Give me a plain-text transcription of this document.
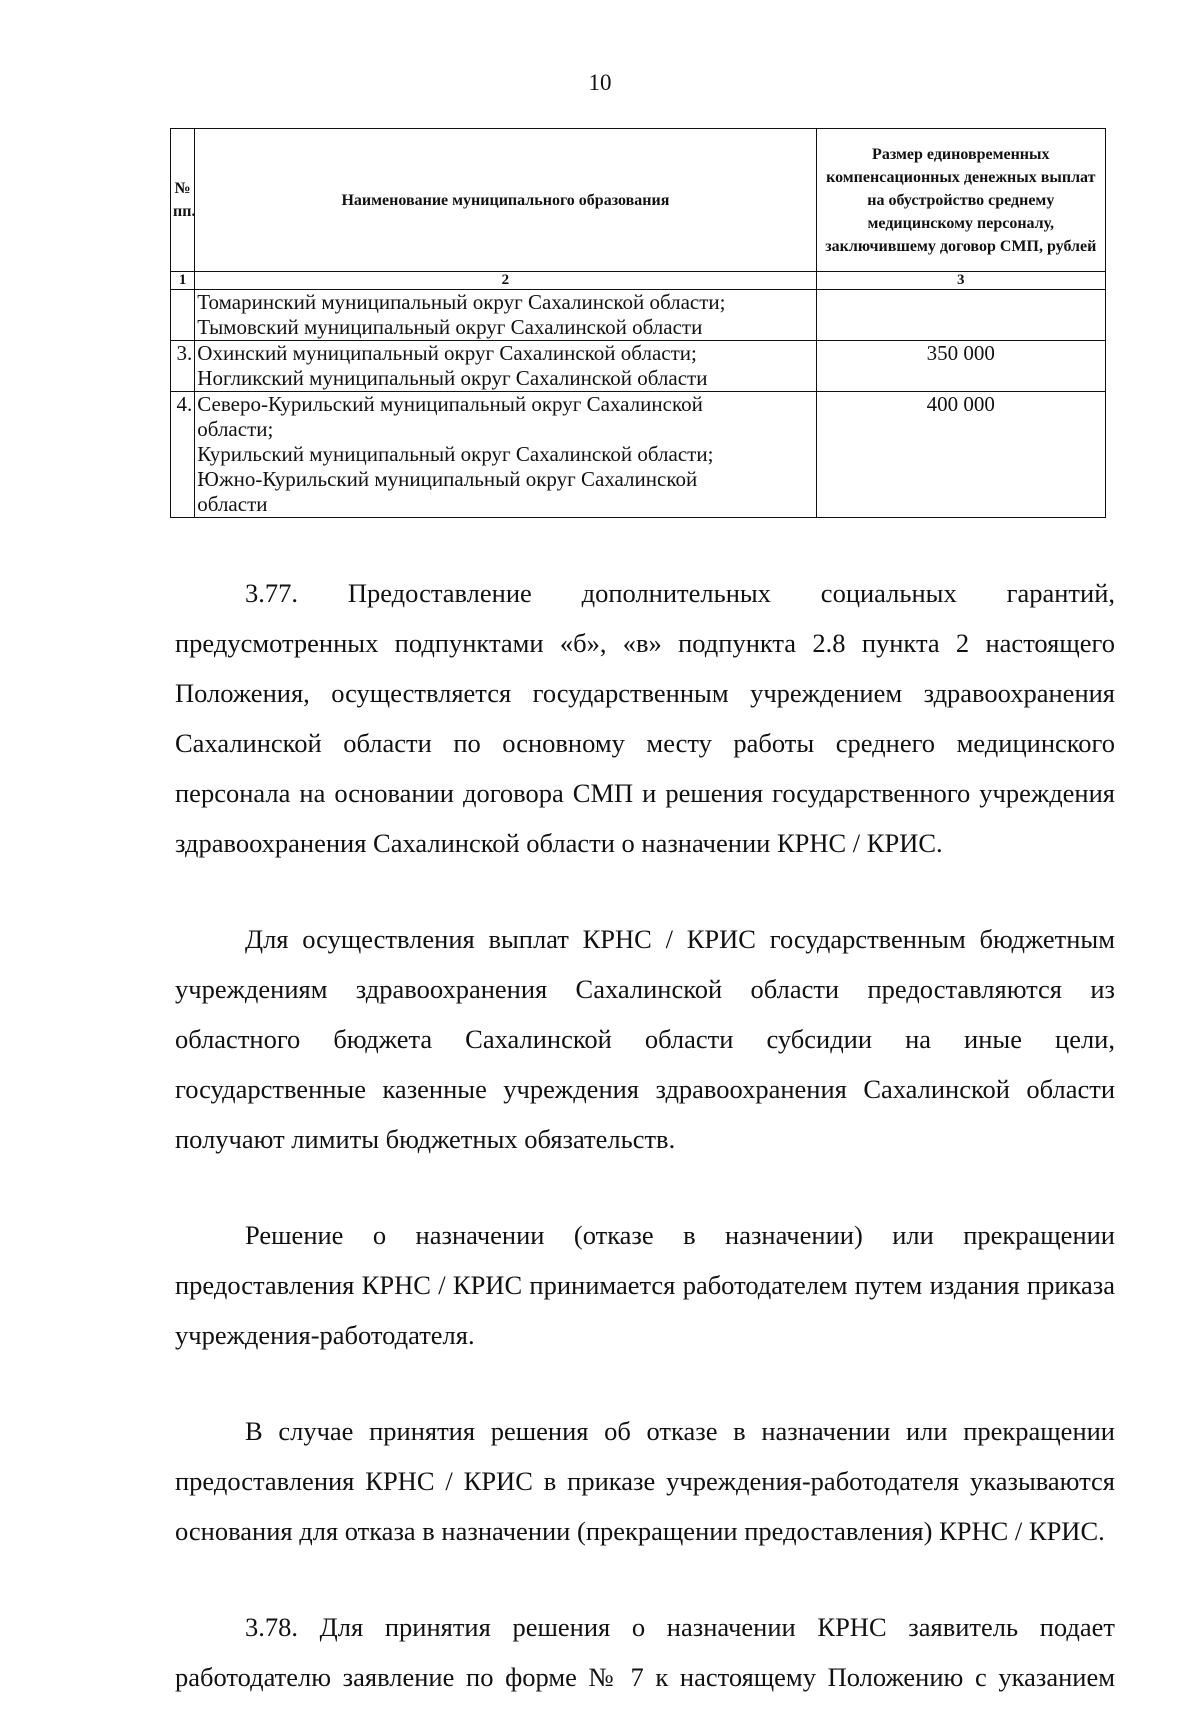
10
№ пп.	Наименование муниципального образования	Размер единовременных компенсационных денежных выплат на обустройство среднему медицинскому персоналу, заключившему договор СМП, рублей
1	2	3

	Томаринский муниципальный округ Сахалинской области;
Тымовский муниципальный округ Сахалинской области	

3.	Охинский муниципальный округ Сахалинской области;
Ногликский муниципальный округ Сахалинской области	350 000
4.	Северо-Курильский муниципальный округ Сахалинской
области;
Курильский муниципальный округ Сахалинской области;
Южно-Курильский муниципальный округ Сахалинской
области	400 000

3.77. Предоставление дополнительных социальных гарантий, предусмотренных подпунктами «б», «в» подпункта 2.8 пункта 2 настоящего Положения, осуществляется государственным учреждением здравоохранения Сахалинской области по основному месту работы среднего медицинского персонала на основании договора СМП и решения государственного учреждения здравоохранения Сахалинской области о назначении КРНС / КРИС.

Для осуществления выплат КРНС / КРИС государственным бюджетным учреждениям здравоохранения Сахалинской области предоставляются из областного бюджета Сахалинской области субсидии на иные цели, государственные казенные учреждения здравоохранения Сахалинской области получают лимиты бюджетных обязательств.

Решение о назначении (отказе в назначении) или прекращении предоставления КРНС / КРИС принимается работодателем путем издания приказа учреждения-работодателя.

В случае принятия решения об отказе в назначении или прекращении предоставления КРНС / КРИС в приказе учреждения-работодателя указываются основания для отказа в назначении (прекращении предоставления) КРНС / КРИС.

3.78. Для принятия решения о назначении КРНС заявитель подает работодателю заявление по форме № 7 к настоящему Положению с указанием
